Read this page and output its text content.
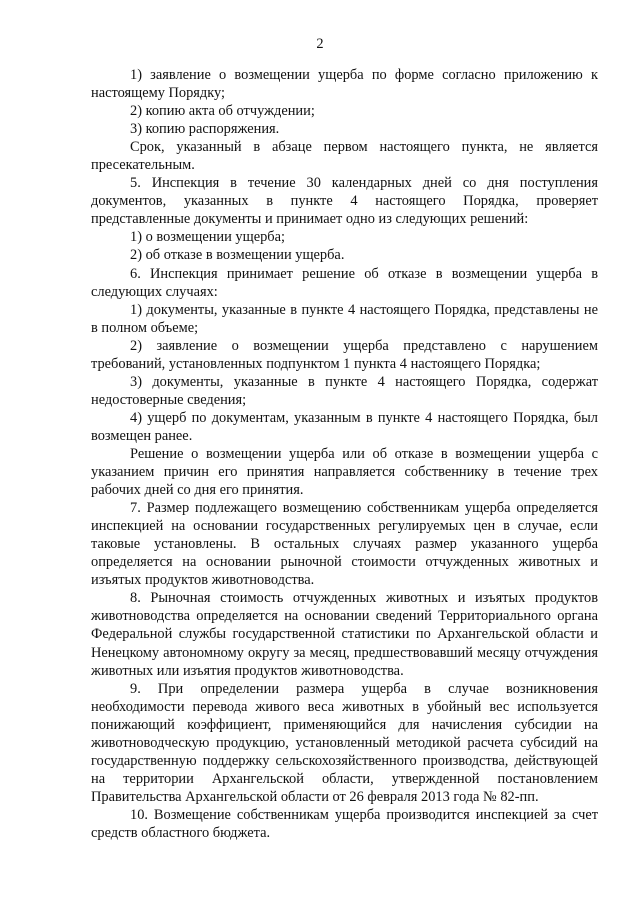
2

1) заявление о возмещении ущерба по форме согласно приложению к настоящему Порядку;

2) копию акта об отчуждении;

3) копию распоряжения.

Срок, указанный в абзаце первом настоящего пункта, не является пресекательным.

5. Инспекция в течение 30 календарных дней со дня поступления документов, указанных в пункте 4 настоящего Порядка, проверяет представленные документы и принимает одно из следующих решений:

1) о возмещении ущерба;

2) об отказе в возмещении ущерба.

6. Инспекция принимает решение об отказе в возмещении ущерба в следующих случаях:

1) документы, указанные в пункте 4 настоящего Порядка, представлены не в полном объеме;

2) заявление о возмещении ущерба представлено с нарушением требований, установленных подпунктом 1 пункта 4 настоящего Порядка;

3) документы, указанные в пункте 4 настоящего Порядка, содержат недостоверные сведения;

4) ущерб по документам, указанным в пункте 4 настоящего Порядка, был возмещен ранее.

Решение о возмещении ущерба или об отказе в возмещении ущерба с указанием причин его принятия направляется собственнику в течение трех рабочих дней со дня его принятия.

7. Размер подлежащего возмещению собственникам ущерба определяется инспекцией на основании государственных регулируемых цен в случае, если таковые установлены. В остальных случаях размер указанного ущерба определяется на основании рыночной стоимости отчужденных животных и изъятых продуктов животноводства.

8. Рыночная стоимость отчужденных животных и изъятых продуктов животноводства определяется на основании сведений Территориального органа Федеральной службы государственной статистики по Архангельской области и Ненецкому автономному округу за месяц, предшествовавший месяцу отчуждения животных или изъятия продуктов животноводства.

9. При определении размера ущерба в случае возникновения необходимости перевода живого веса животных в убойный вес используется понижающий коэффициент, применяющийся для начисления субсидии на животноводческую продукцию, установленный методикой расчета субсидий на государственную поддержку сельскохозяйственного производства, действующей на территории Архангельской области, утвержденной постановлением Правительства Архангельской области от 26 февраля 2013 года № 82-пп.

10. Возмещение собственникам ущерба производится инспекцией за счет средств областного бюджета.
